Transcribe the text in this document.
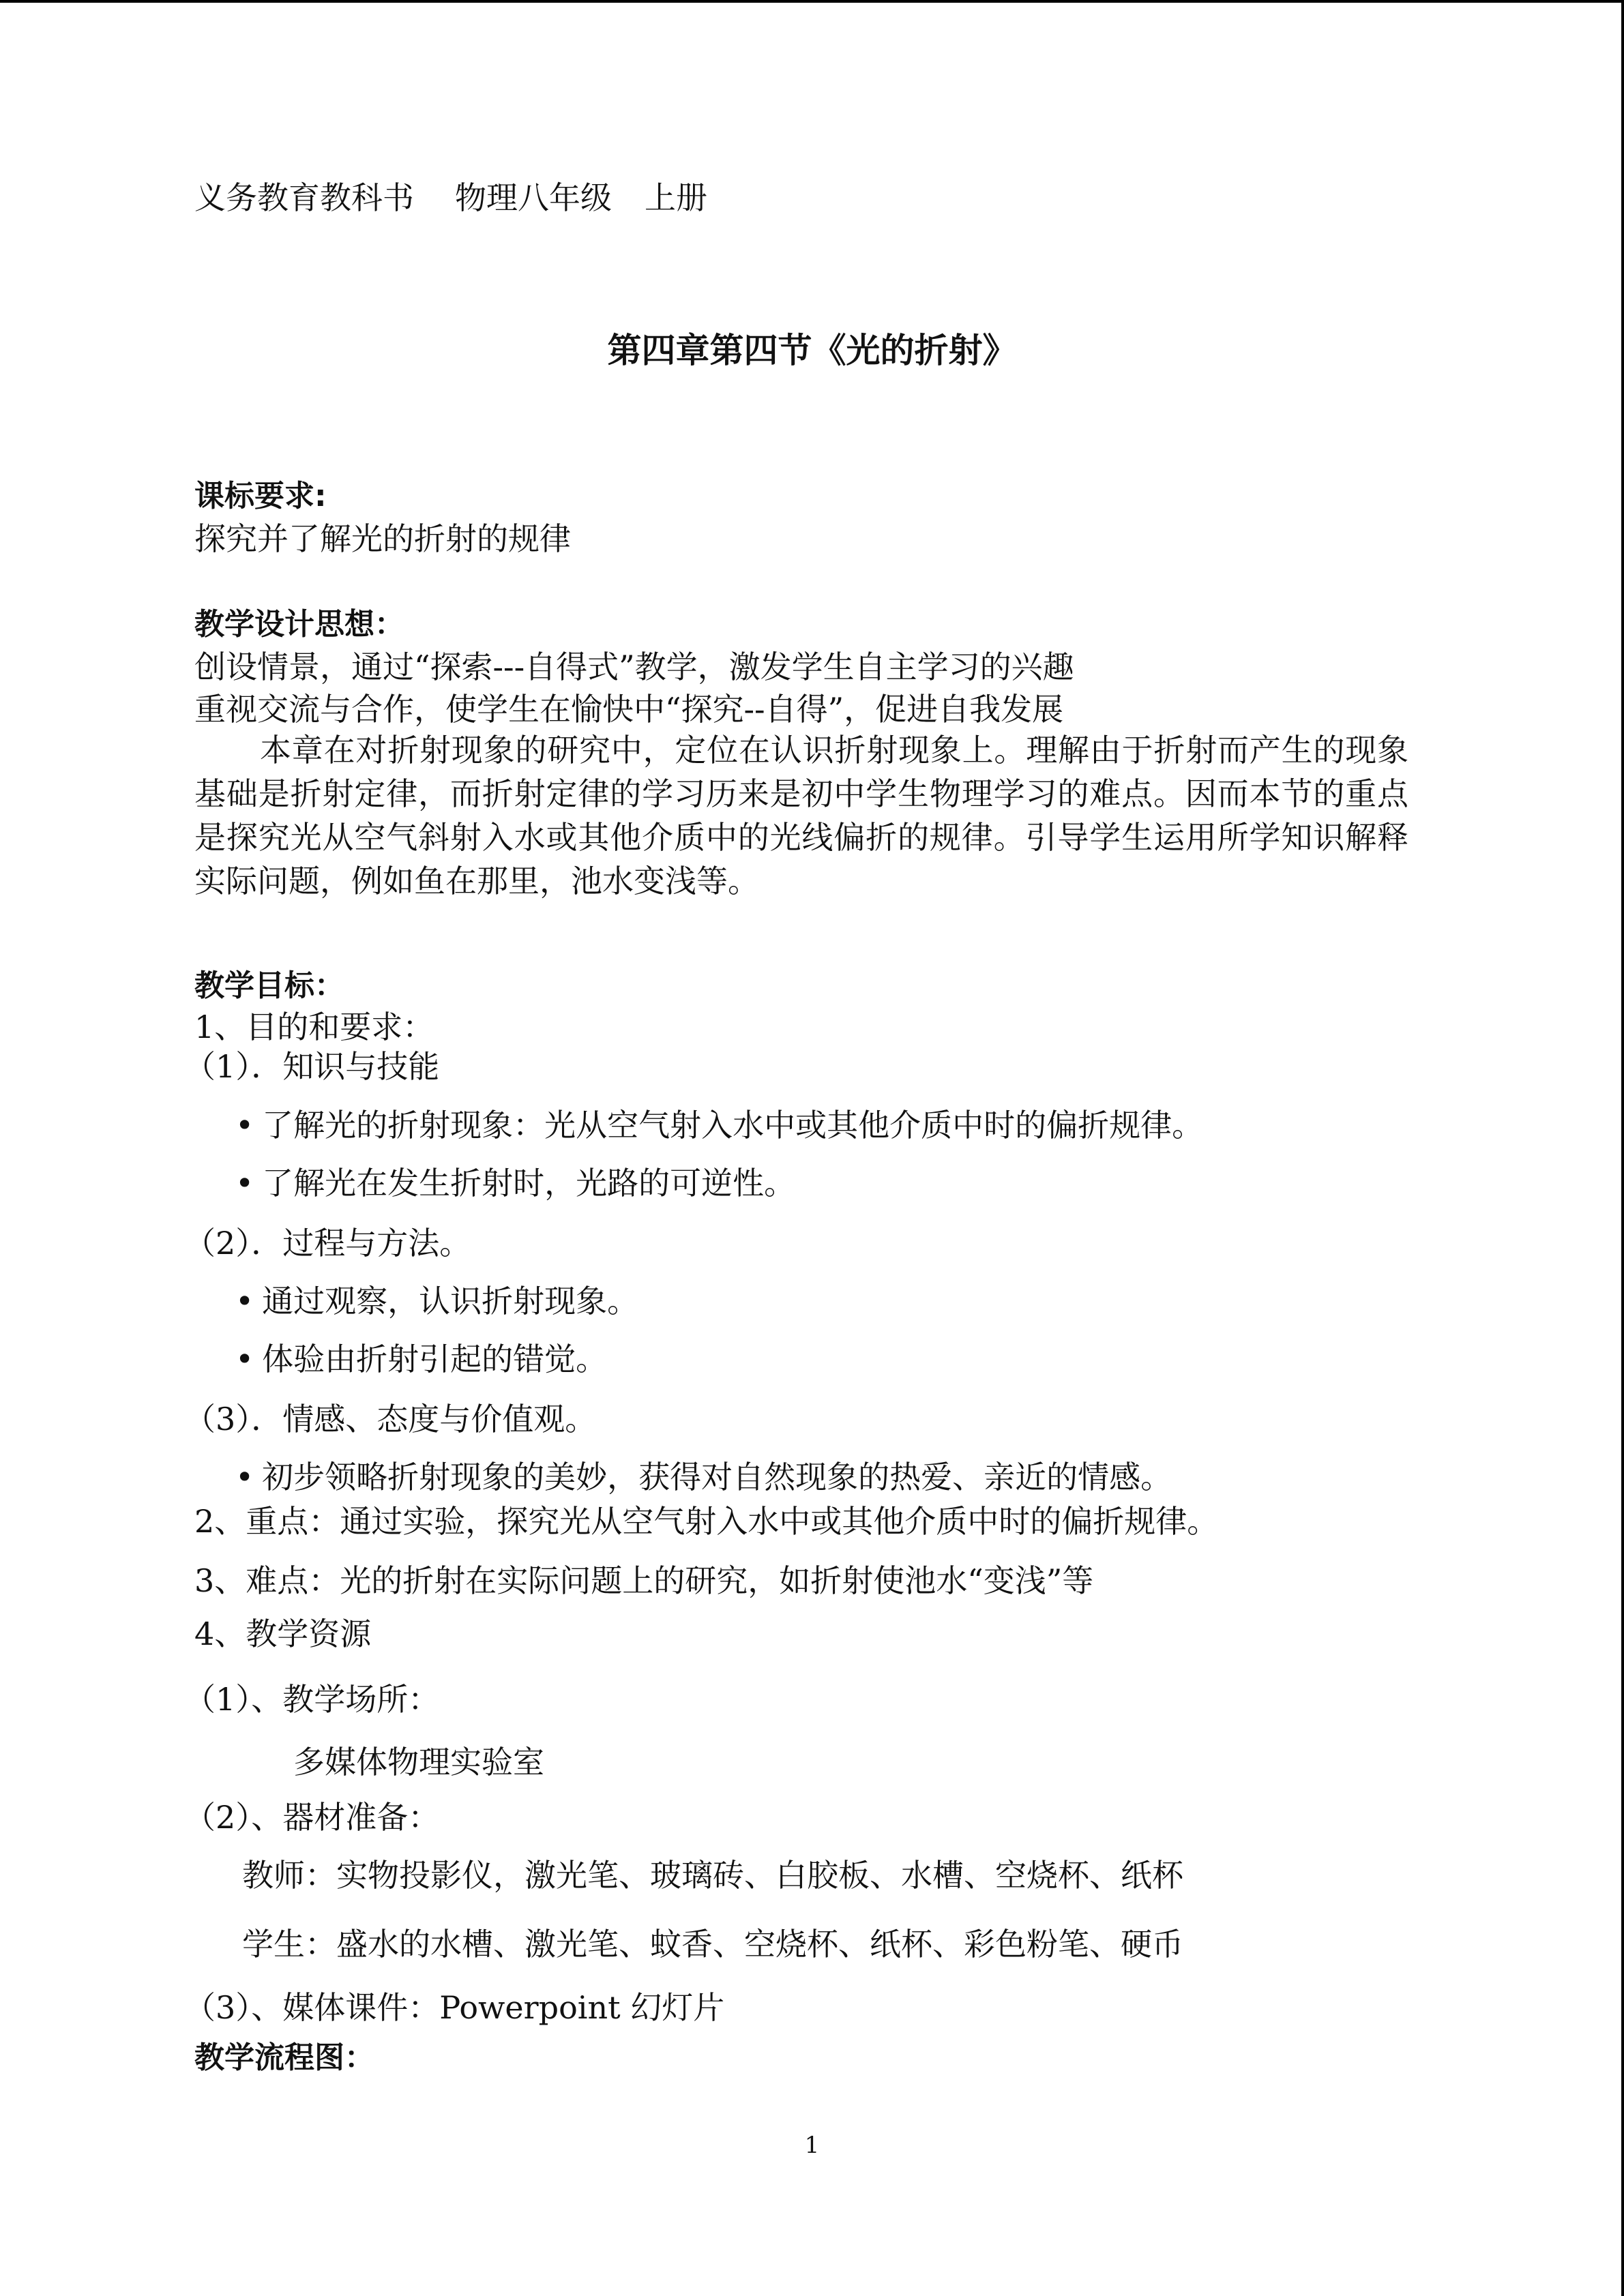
义务教育教科书 物理八年级 上册
第四章第四节《光的折射》
课标要求:
探究并了解光的折射的规律
教学设计思想：
创设情景，通过“探索---自得式”教学，激发学生自主学习的兴趣
重视交流与合作，使学生在愉快中“探究--自得”，促进自我发展
本章在对折射现象的研究中，定位在认识折射现象上。理解由于折射而产生的现象基础是折射定律，而折射定律的学习历来是初中学生物理学习的难点。因而本节的重点是探究光从空气斜射入水或其他介质中的光线偏折的规律。引导学生运用所学知识解释实际问题，例如鱼在那里，池水变浅等。
教学目标：
1、目的和要求：
（1）．知识与技能
• 了解光的折射现象：光从空气射入水中或其他介质中时的偏折规律。
• 了解光在发生折射时，光路的可逆性。
（2）．过程与方法。
• 通过观察，认识折射现象。
• 体验由折射引起的错觉。
（3）．情感、态度与价值观。
• 初步领略折射现象的美妙，获得对自然现象的热爱、亲近的情感。
2、重点：通过实验，探究光从空气射入水中或其他介质中时的偏折规律。
3、难点：光的折射在实际问题上的研究，如折射使池水“变浅”等
4、教学资源
（1）、教学场所：
多媒体物理实验室
（2）、器材准备：
教师：实物投影仪，激光笔、玻璃砖、白胶板、水槽、空烧杯、纸杯
学生：盛水的水槽、激光笔、蚊香、空烧杯、纸杯、彩色粉笔、硬币
（3）、媒体课件：Powerpoint 幻灯片
教学流程图：
1
